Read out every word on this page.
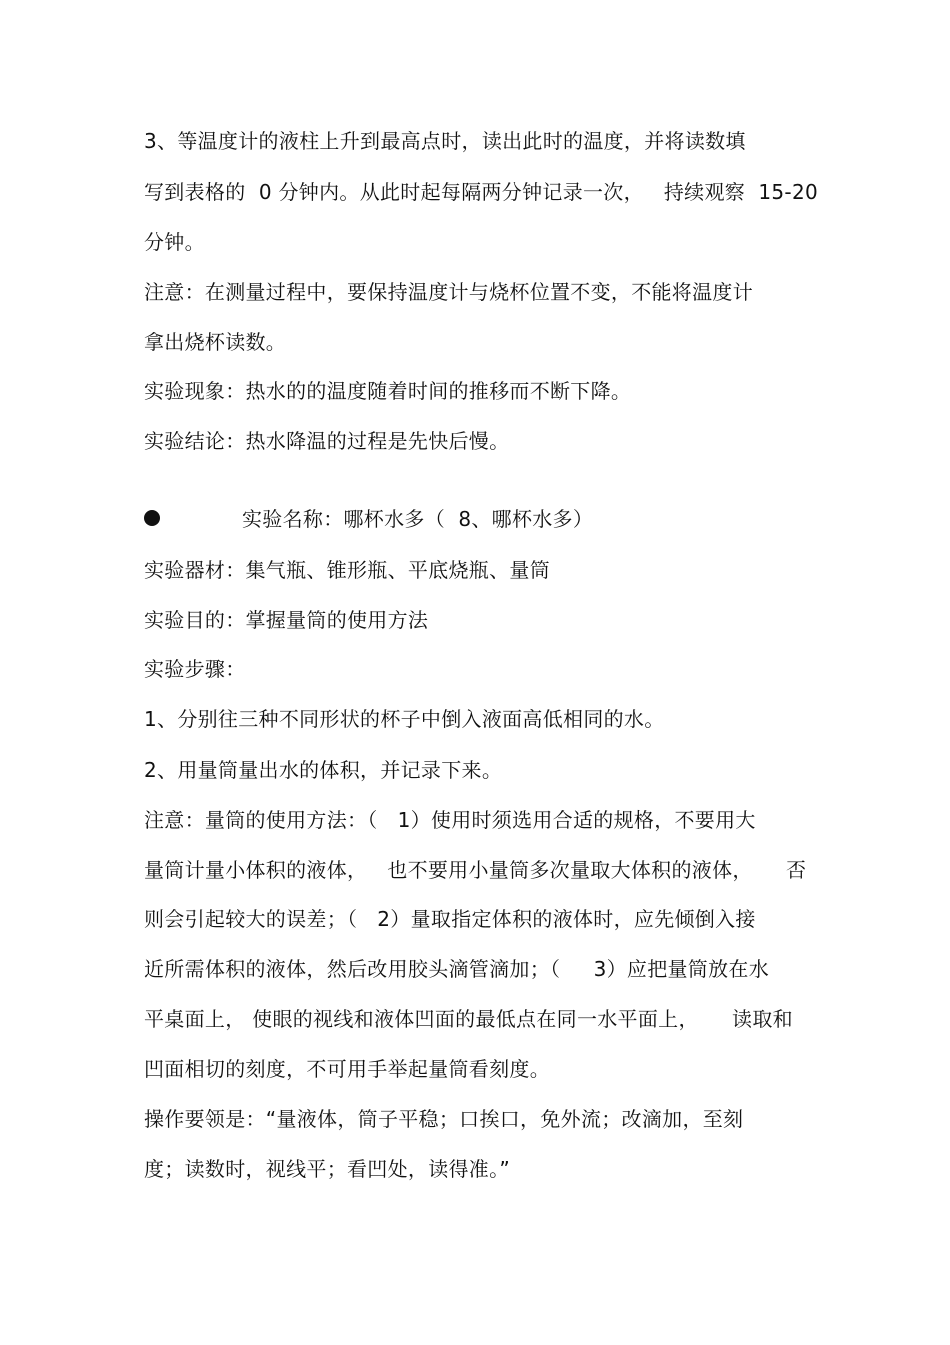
3、等温度计的液柱上升到最高点时，读出此时的温度，并将读数填
写到表格的  0 分钟内。从此时起每隔两分钟记录一次，   持续观察  15-20
分钟。
注意：在测量过程中，要保持温度计与烧杯位置不变，不能将温度计
拿出烧杯读数。
实验现象：热水的的温度随着时间的推移而不断下降。
实验结论：热水降温的过程是先快后慢。
实验名称：哪杯水多（  8、哪杯水多）
实验器材：集气瓶、锥形瓶、平底烧瓶、量筒
实验目的：掌握量筒的使用方法
实验步骤：
1、分别往三种不同形状的杯子中倒入液面高低相同的水。
2、用量筒量出水的体积，并记录下来。
注意：量筒的使用方法：（   1）使用时须选用合适的规格，不要用大
量筒计量小体积的液体，   也不要用小量筒多次量取大体积的液体，     否
则会引起较大的误差；（   2）量取指定体积的液体时，应先倾倒入接
近所需体积的液体，然后改用胶头滴管滴加；（     3）应把量筒放在水
平桌面上， 使眼的视线和液体凹面的最低点在同一水平面上，     读取和
凹面相切的刻度，不可用手举起量筒看刻度。
操作要领是：“量液体，筒子平稳；口挨口，免外流；改滴加，至刻
度；读数时，视线平；看凹处，读得准。”
